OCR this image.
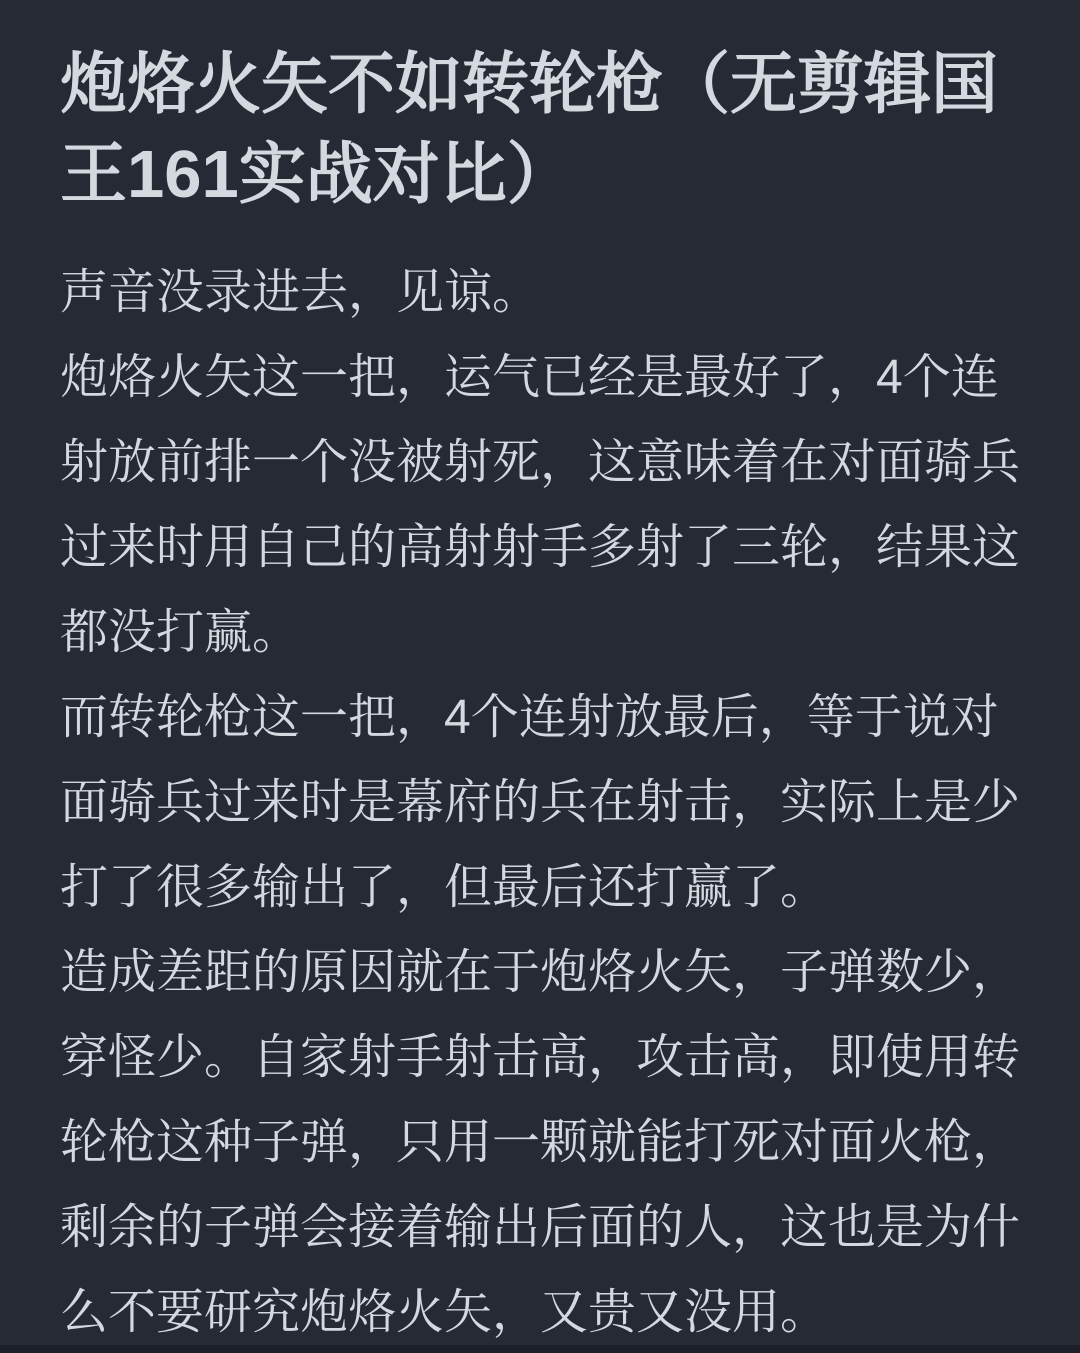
炮烙火矢不如转轮枪（无剪辑国王161实战对比）

声音没录进去，见谅。

炮烙火矢这一把，运气已经是最好了，4个连射放前排一个没被射死，这意味着在对面骑兵过来时用自己的高射射手多射了三轮，结果这都没打赢。

而转轮枪这一把，4个连射放最后，等于说对面骑兵过来时是幕府的兵在射击，实际上是少打了很多输出了，但最后还打赢了。

造成差距的原因就在于炮烙火矢，子弹数少，穿怪少。自家射手射击高，攻击高，即使用转轮枪这种子弹，只用一颗就能打死对面火枪，剩余的子弹会接着输出后面的人，这也是为什么不要研究炮烙火矢，又贵又没用。
